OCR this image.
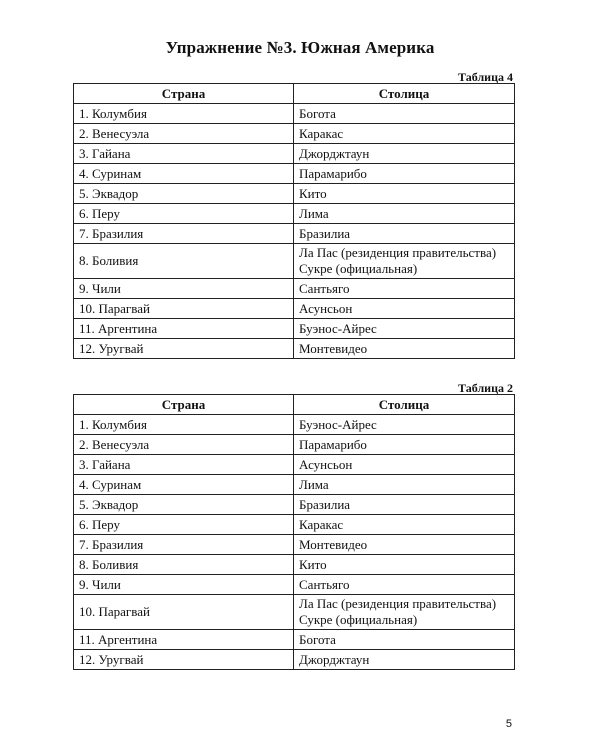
Упражнение №3. Южная Америка
Таблица 4
Страна	Столица
1. Колумбия	Богота
2. Венесуэла	Каракас
3. Гайана	Джорджтаун
4. Суринам	Парамарибо
5. Эквадор	Кито
6. Перу	Лима
7. Бразилия	Бразилиа
8. Боливия	Ла Пас (резиденция правительства)
Сукре (официальная)
9. Чили	Сантьяго
10. Парагвай	Асунсьон
11. Аргентина	Буэнос-Айрес
12. Уругвай	Монтевидео
Таблица 2
Страна	Столица
1. Колумбия	Буэнос-Айрес
2. Венесуэла	Парамарибо
3. Гайана	Асунсьон
4. Суринам	Лима
5. Эквадор	Бразилиа
6. Перу	Каракас
7. Бразилия	Монтевидео
8. Боливия	Кито
9. Чили	Сантьяго
10. Парагвай	Ла Пас (резиденция правительства)
Сукре (официальная)
11. Аргентина	Богота
12. Уругвай	Джорджтаун
5
